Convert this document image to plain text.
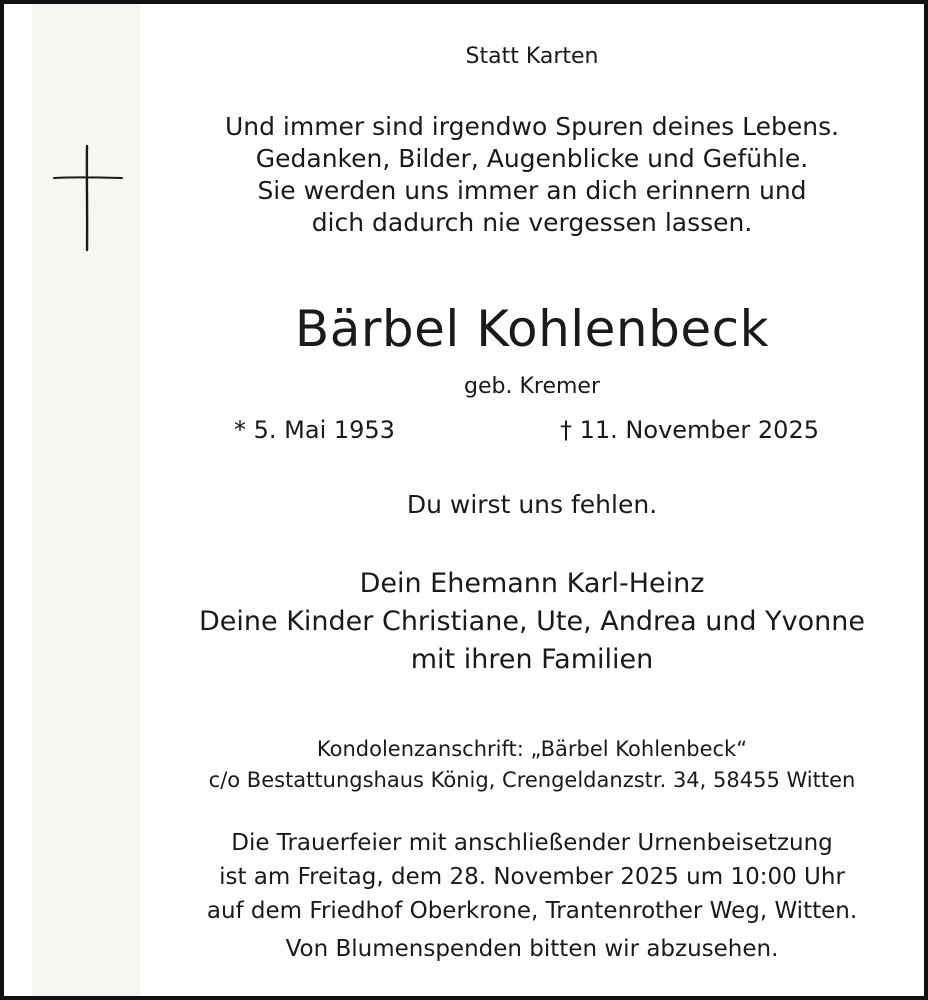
Statt Karten
Und immer sind irgendwo Spuren deines Lebens.
Gedanken, Bilder, Augenblicke und Gefühle.
Sie werden uns immer an dich erinnern und
dich dadurch nie vergessen lassen.
Bärbel Kohlenbeck
geb. Kremer
* 5. Mai 1953	† 11. November 2025
Du wirst uns fehlen.
Dein Ehemann Karl-Heinz
Deine Kinder Christiane, Ute, Andrea und Yvonne
mit ihren Familien
Kondolenzanschrift: „Bärbel Kohlenbeck“
c/o Bestattungshaus König, Crengeldanzstr. 34, 58455 Witten
Die Trauerfeier mit anschließender Urnenbeisetzung
ist am Freitag, dem 28. November 2025 um 10:00 Uhr
auf dem Friedhof Oberkrone, Trantenrother Weg, Witten.
Von Blumenspenden bitten wir abzusehen.
